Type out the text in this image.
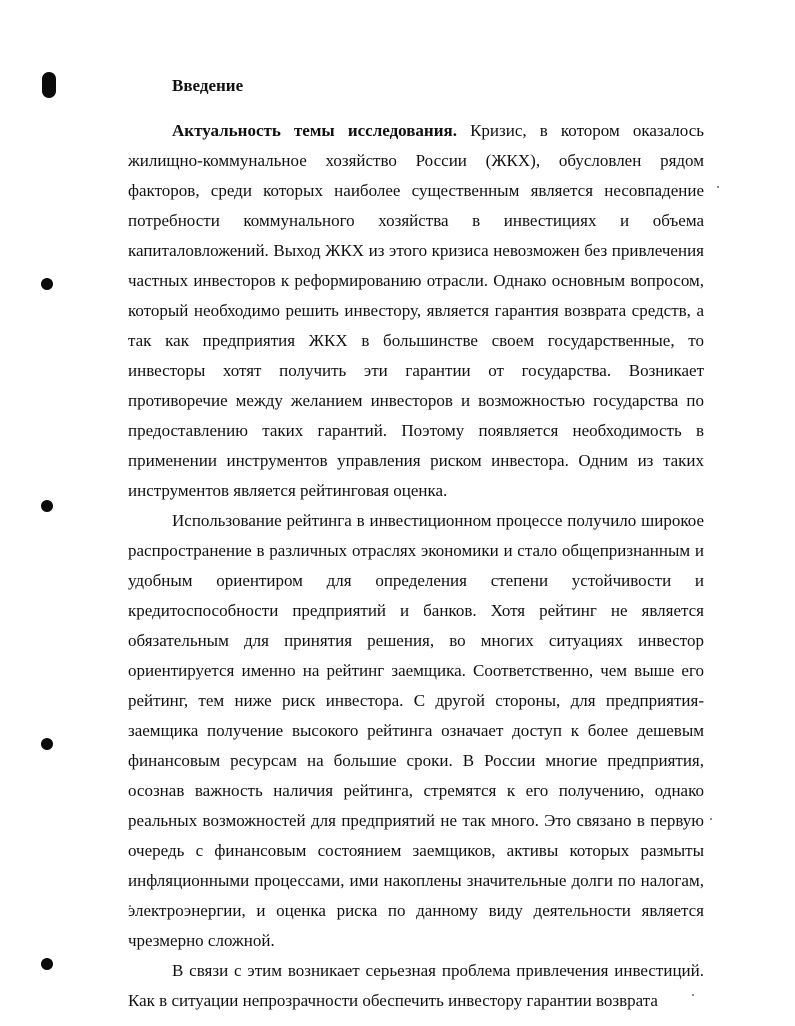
Введение

Актуальность темы исследования. Кризис, в котором оказалось жилищно-коммунальное хозяйство России (ЖКХ), обусловлен рядом факторов, среди которых наиболее существенным является несовпадение потребности коммунального хозяйства в инвестициях и объема капиталовложений. Выход ЖКХ из этого кризиса невозможен без привлечения частных инвесторов к реформированию отрасли. Однако основным вопросом, который необходимо решить инвестору, является гарантия возврата средств, а так как предприятия ЖКХ в большинстве своем государственные, то инвесторы хотят получить эти гарантии от государства. Возникает противоречие между желанием инвесторов и возможностью государства по предоставлению таких гарантий. Поэтому появляется необходимость в применении инструментов управления риском инвестора. Одним из таких инструментов является рейтинговая оценка.

Использование рейтинга в инвестиционном процессе получило широкое распространение в различных отраслях экономики и стало общепризнанным и удобным ориентиром для определения степени устойчивости и кредитоспособности предприятий и банков. Хотя рейтинг не является обязательным для принятия решения, во многих ситуациях инвестор ориентируется именно на рейтинг заемщика. Соответственно, чем выше его рейтинг, тем ниже риск инвестора. С другой стороны, для предприятия-заемщика получение высокого рейтинга означает доступ к более дешевым финансовым ресурсам на большие сроки. В России многие предприятия, осознав важность наличия рейтинга, стремятся к его получению, однако реальных возможностей для предприятий не так много. Это связано в первую очередь с финансовым состоянием заемщиков, активы которых размыты инфляционными процессами, ими накоплены значительные долги по налогам, электроэнергии, и оценка риска по данному виду деятельности является чрезмерно сложной.

В связи с этим возникает серьезная проблема привлечения инвестиций. Как в ситуации непрозрачности обеспечить инвестору гарантии возврата
